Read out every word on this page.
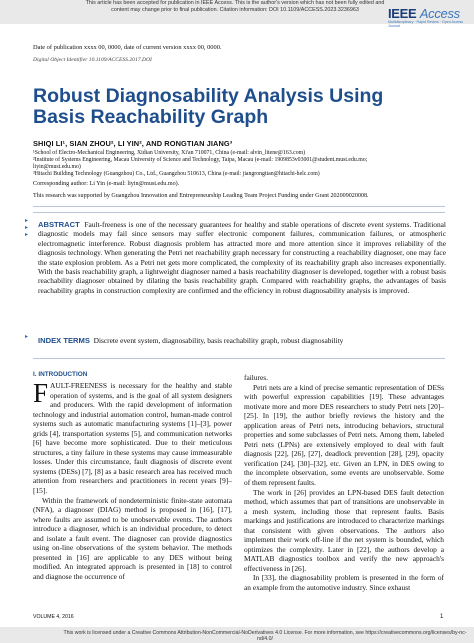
This article has been accepted for publication in IEEE Access. This is the author's version which has not been fully edited and
content may change prior to final publication. Citation information: DOI 10.1109/ACCESS.2023.3236963	IEEE Access
Multidisciplinary · Rapid Review · Open Access Journal
Date of publication xxxx 00, 0000, date of current version xxxx 00, 0000.
Digital Object Identifier 10.1109/ACCESS.2017.DOI
Robust Diagnosability Analysis Using
Basis Reachability Graph
SHIQI LI¹, SIAN ZHOU², LI YIN², AND RONGTIAN JIANG³
¹School of Electro-Mechanical Engineering, Xidian University, Xi'an 710071, China (e-mail: alvin_litene@163.com)
²Institute of Systems Engineering, Macau University of Science and Technology, Taipa, Macau (e-mail: 1909853v03001@student.must.edu.mo;
liyin@must.edu.mo)
³Hitachi Building Technology (Guangzhou) Co., Ltd., Guangzhou 510613, China (e-mail: jiangrongtian@hitachi-helc.com)
Corresponding author: Li Yin (e-mail: liyin@must.edu.mo).
This research was supported by Guangzhou Innovation and Entrepreneurship Leading Team Project Funding under Grant 202009020008.
▸
▸
▸
ABSTRACT Fault-freeness is one of the necessary guarantees for healthy and stable operations of discrete event systems. Traditional diagnostic models may fail since sensors may suffer electronic component failures, communication failures, or atmospheric electromagnetic interference. Robust diagnosis problem has attracted more and more attention since it improves reliability of the diagnosis technology. When generating the Petri net reachability graph necessary for constructing a reachability diagnoser, one may face the state explosion problem. As a Petri net gets more complicated, the complexity of its reachability graph also increases exponentially. With the basis reachability graph, a lightweight diagnoser named a basis reachability diagnoser is developed, together with a robust basis reachability diagnoser obtained by dilating the basis reachability graph. Compared with reachability graphs, the advantages of basis reachability graphs in construction complexity are confirmed and the efficiency in robust diagnosability analysis is improved.
▸	INDEX TERMS Discrete event system, diagnosability, basis reachability graph, robust diagnosability
I. INTRODUCTION

FAULT-FREENESS is necessary for the healthy and stable operation of systems, and is the goal of all system designers and producers. With the rapid development of information technology and industrial automation control, human-made control systems such as automatic manufacturing systems [1]–[3], power grids [4], transportation systems [5], and communication networks [6] have become more sophisticated. Due to their meticulous structures, a tiny failure in these systems may cause immeasurable losses. Under this circumstance, fault diagnosis of discrete event systems (DESs) [7], [8] as a basic research area has received much attention from researchers and practitioners in recent years [9]–[15].

Within the framework of nondeterministic finite-state automata (NFA), a diagnoser (DIAG) method is proposed in [16], [17], where faults are assumed to be unobservable events. The authors introduce a diagnoser, which is an individual procedure, to detect and isolate a fault event. The diagnoser can provide diagnostics using on-line observations of the system behavior. The methods presented in [16] are applicable to any DES without being modified. An integrated approach is presented in [18] to control and diagnose the occurrence of

failures.

Petri nets are a kind of precise semantic representation of DESs with powerful expression capabilities [19]. These advantages motivate more and more DES researchers to study Petri nets [20]–[25]. In [19], the author briefly reviews the history and the application areas of Petri nets, introducing behaviors, structural properties and some subclasses of Petri nets. Among them, labeled Petri nets (LPNs) are extensively employed to deal with fault diagnosis [22], [26], [27], deadlock prevention [28], [29], opacity verification [24], [30]–[32], etc. Given an LPN, in DES owing to the incomplete observation, some events are unobservable. Some of them represent faults.

The work in [26] provides an LPN-based DES fault detection method, which assumes that part of transitions are unobservable in a mesh system, including those that represent faults. Basis markings and justifications are introduced to characterize markings that consistent with given observations. The authors also implement their work off-line if the net system is bounded, which optimizes the complexity. Later in [22], the authors develop a MATLAB diagnostics toolbox and verify the new approach's effectiveness in [26].

In [33], the diagnosability problem is presented in the form of an example from the automotive industry. Since exhaust

VOLUME 4, 2016	1
This work is licensed under a Creative Commons Attribution-NonCommercial-NoDerivatives 4.0 License. For more information, see https://creativecommons.org/licenses/by-nc-nd/4.0/
